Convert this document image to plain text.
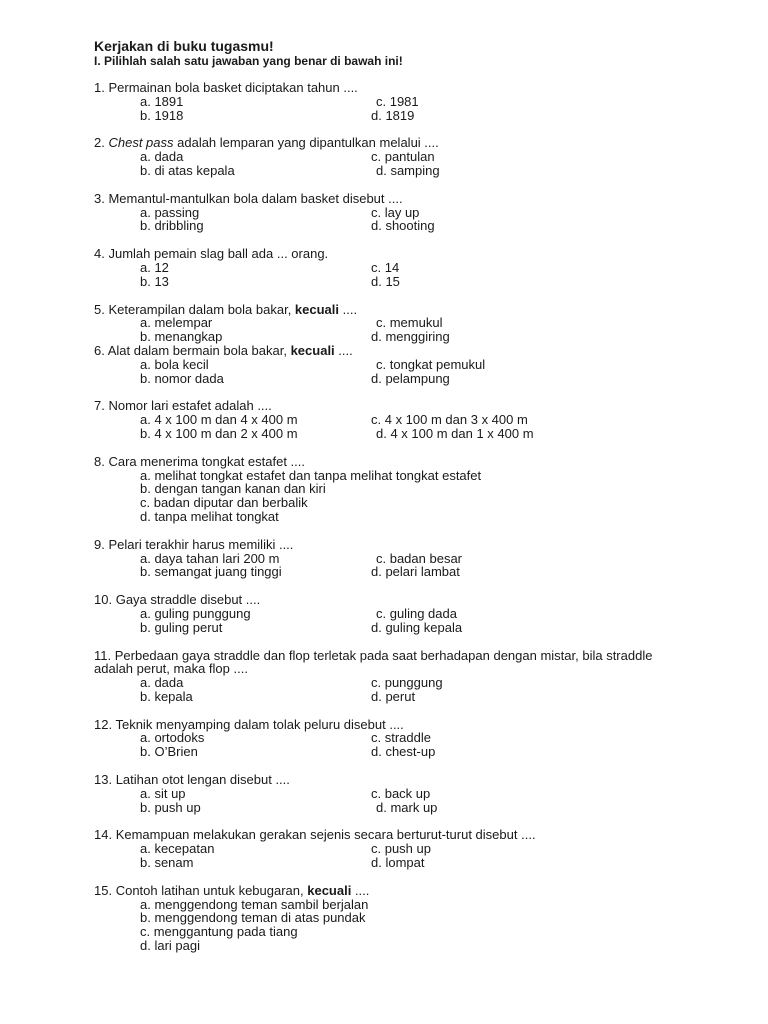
Kerjakan di buku tugasmu!
I. Pilihlah salah satu jawaban yang benar di bawah ini!
1. Permainan bola basket diciptakan tahun ....
a. 1891	c. 1981
b. 1918	d. 1819
2. Chest pass adalah lemparan yang dipantulkan melalui ....
a. dada	c. pantulan
b. di atas kepala	d. samping
3. Memantul-mantulkan bola dalam basket disebut ....
a. passing	c. lay up
b. dribbling	d. shooting
4. Jumlah pemain slag ball ada ... orang.
a. 12	c. 14
b. 13	d. 15
5. Keterampilan dalam bola bakar, kecuali ....
a. melempar	c. memukul
b. menangkap	d. menggiring
6. Alat dalam bermain bola bakar, kecuali ....
a. bola kecil	c. tongkat pemukul
b. nomor dada	d. pelampung
7. Nomor lari estafet adalah ....
a. 4 x 100 m dan 4 x 400 m	c. 4 x 100 m dan 3 x 400 m
b. 4 x 100 m dan 2 x 400 m	d. 4 x 100 m dan 1 x 400 m
8. Cara menerima tongkat estafet ....
a. melihat tongkat estafet dan tanpa melihat tongkat estafet
b. dengan tangan kanan dan kiri
c. badan diputar dan berbalik
d. tanpa melihat tongkat
9. Pelari terakhir harus memiliki ....
a. daya tahan lari 200 m	c. badan besar
b. semangat juang tinggi	d. pelari lambat
10. Gaya straddle disebut ....
a. guling punggung	c. guling dada
b. guling perut	d. guling kepala
11. Perbedaan gaya straddle dan flop terletak pada saat berhadapan dengan mistar, bila straddle adalah perut, maka flop ....
a. dada	c. punggung
b. kepala	d. perut
12. Teknik menyamping dalam tolak peluru disebut ....
a. ortodoks	c. straddle
b. O’Brien	d. chest-up
13. Latihan otot lengan disebut ....
a. sit up	c. back up
b. push up	d. mark up
14. Kemampuan melakukan gerakan sejenis secara berturut-turut disebut ....
a. kecepatan	c. push up
b. senam	d. lompat
15. Contoh latihan untuk kebugaran, kecuali ....
a. menggendong teman sambil berjalan
b. menggendong teman di atas pundak
c. menggantung pada tiang
d. lari pagi
